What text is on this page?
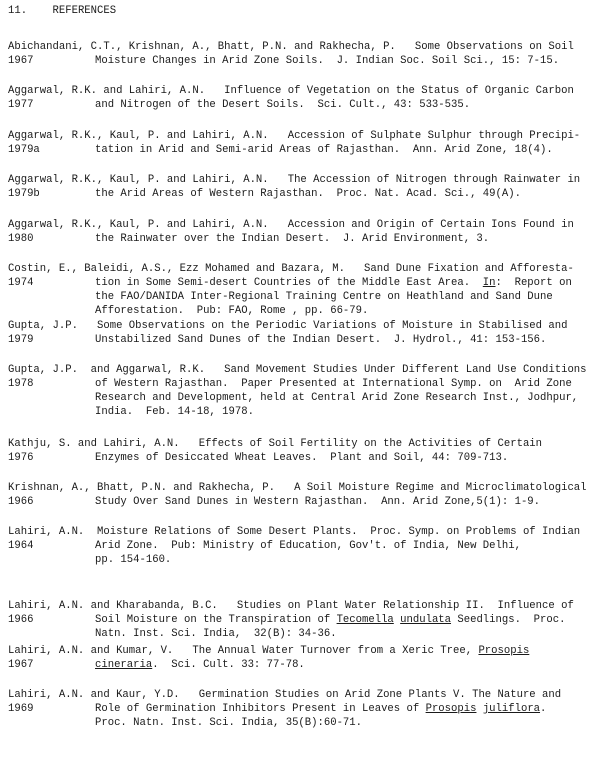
11. REFERENCES
Abichandani, C.T., Krishnan, A., Bhatt, P.N. and Rakhecha, P.   Some Observations on Soil
1967	Moisture Changes in Arid Zone Soils.  J. Indian Soc. Soil Sci., 15: 7-15.
Aggarwal, R.K. and Lahiri, A.N.   Influence of Vegetation on the Status of Organic Carbon
1977	and Nitrogen of the Desert Soils.  Sci. Cult., 43: 533-535.
Aggarwal, R.K., Kaul, P. and Lahiri, A.N.   Accession of Sulphate Sulphur through Precipi-
1979a	tation in Arid and Semi-arid Areas of Rajasthan.  Ann. Arid Zone, 18(4).
Aggarwal, R.K., Kaul, P. and Lahiri, A.N.   The Accession of Nitrogen through Rainwater in
1979b	the Arid Areas of Western Rajasthan.  Proc. Nat. Acad. Sci., 49(A).
Aggarwal, R.K., Kaul, P. and Lahiri, A.N.   Accession and Origin of Certain Ions Found in
1980	the Rainwater over the Indian Desert.  J. Arid Environment, 3.
Costin, E., Baleidi, A.S., Ezz Mohamed and Bazara, M.   Sand Dune Fixation and Afforesta-
1974	tion in Some Semi-desert Countries of the Middle East Area.  In:  Report on
the FAO/DANIDA Inter-Regional Training Centre on Heathland and Sand Dune
Afforestation.  Pub: FAO, Rome , pp. 66-79.
Gupta, J.P.   Some Observations on the Periodic Variations of Moisture in Stabilised and
1979	Unstabilized Sand Dunes of the Indian Desert.  J. Hydrol., 41: 153-156.
Gupta, J.P.  and Aggarwal, R.K.   Sand Movement Studies Under Different Land Use Conditions
1978	of Western Rajasthan.  Paper Presented at International Symp. on  Arid Zone
Research and Development, held at Central Arid Zone Research Inst., Jodhpur,
India.  Feb. 14-18, 1978.
Kathju, S. and Lahiri, A.N.   Effects of Soil Fertility on the Activities of Certain
1976	Enzymes of Desiccated Wheat Leaves.  Plant and Soil, 44: 709-713.
Krishnan, A., Bhatt, P.N. and Rakhecha, P.   A Soil Moisture Regime and Microclimatological
1966	Study Over Sand Dunes in Western Rajasthan.  Ann. Arid Zone,5(1): 1-9.
Lahiri, A.N.  Moisture Relations of Some Desert Plants.  Proc. Symp. on Problems of Indian
1964	Arid Zone.  Pub: Ministry of Education, Gov't. of India, New Delhi,
pp. 154-160.
Lahiri, A.N. and Kharabanda, B.C.   Studies on Plant Water Relationship II.  Influence of
1966	Soil Moisture on the Transpiration of Tecomella undulata Seedlings.  Proc.
Natn. Inst. Sci. India,  32(B): 34-36.
Lahiri, A.N. and Kumar, V.   The Annual Water Turnover from a Xeric Tree, Prosopis
1967	cineraria.  Sci. Cult. 33: 77-78.
Lahiri, A.N. and Kaur, Y.D.   Germination Studies on Arid Zone Plants V. The Nature and
1969	Role of Germination Inhibitors Present in Leaves of Prosopis juliflora.
Proc. Natn. Inst. Sci. India, 35(B):60-71.
